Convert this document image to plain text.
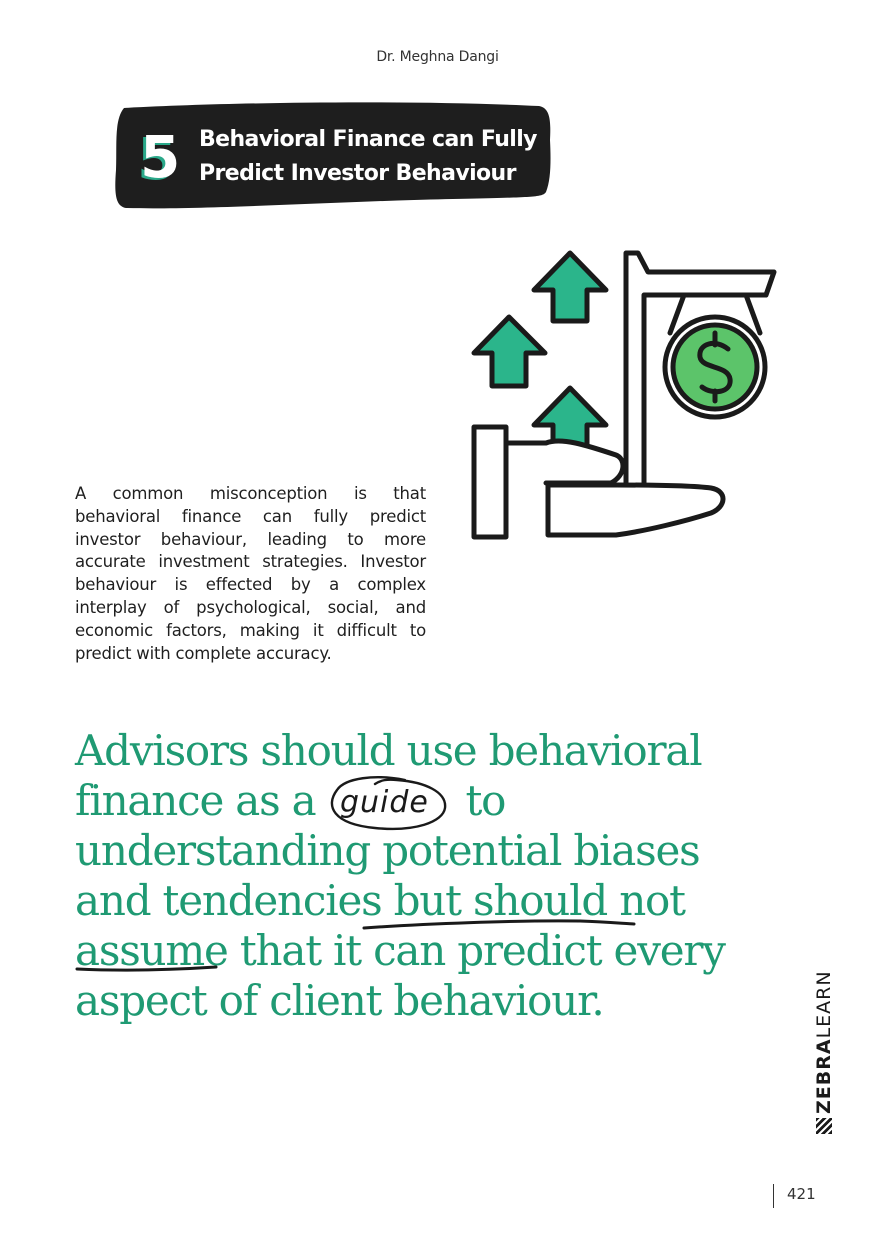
Dr. Meghna Dangi
5 Behavioral Finance can Fully
Predict Investor Behaviour
A common misconception is that behavioral finance can fully predict investor behaviour, leading to more accurate investment strategies. Investor behaviour is effected by a complex interplay of psychological, social, and economic factors, making it difficult to predict with complete accuracy.
Advisors should use behavioral
finance as a guide to
understanding potential biases
and tendencies but should not
assume that it can predict every
aspect of client behaviour.
ZEBRALEARN
421
